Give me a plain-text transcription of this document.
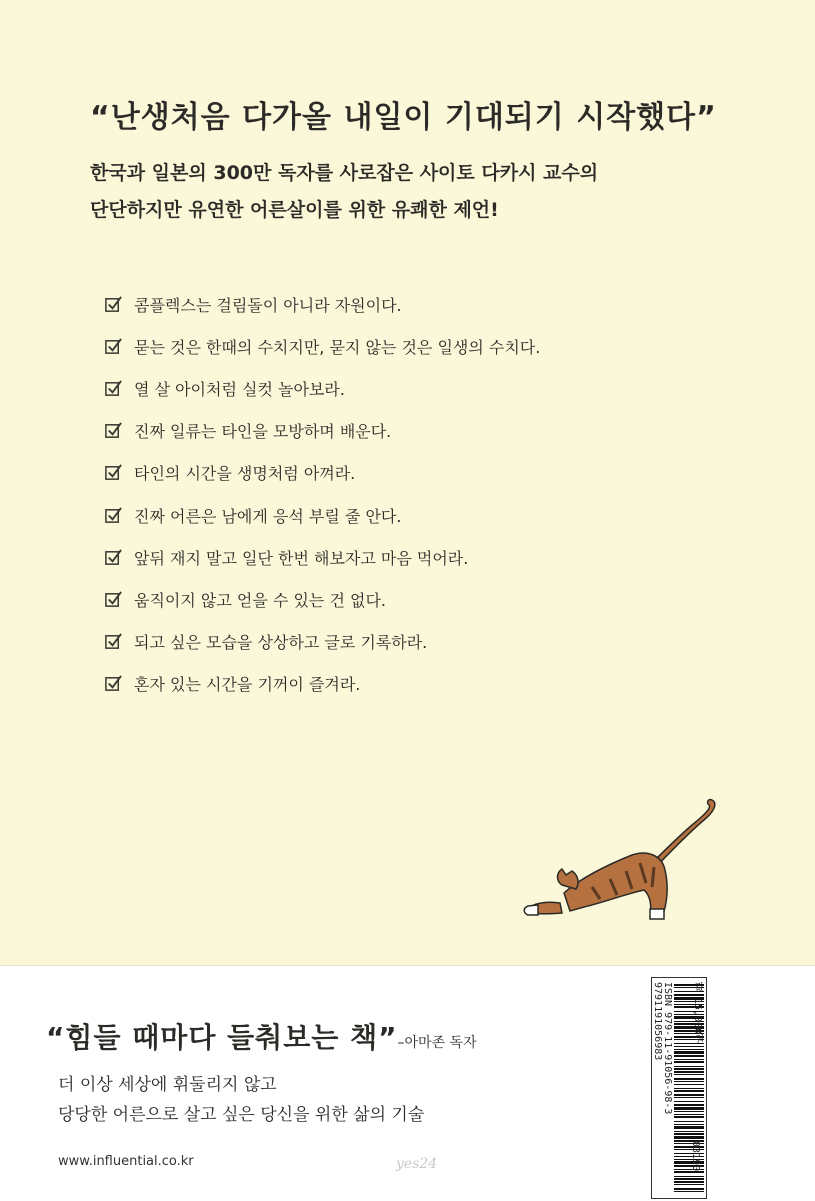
“난생처음 다가올 내일이 기대되기 시작했다”
한국과 일본의 300만 독자를 사로잡은 사이토 다카시 교수의
단단하지만 유연한 어른살이를 위한 유쾌한 제언!
콤플렉스는 걸림돌이 아니라 자원이다.
묻는 것은 한때의 수치지만, 묻지 않는 것은 일생의 수치다.
열 살 아이처럼 실컷 놀아보라.
진짜 일류는 타인을 모방하며 배운다.
타인의 시간을 생명처럼 아껴라.
진짜 어른은 남에게 응석 부릴 줄 안다.
앞뒤 재지 말고 일단 한번 해보자고 마음 먹어라.
움직이지 않고 얻을 수 있는 건 없다.
되고 싶은 모습을 상상하고 글로 기록하라.
혼자 있는 시간을 기꺼이 즐겨라.
“힘들 때마다 들춰보는 책”–아마존 독자
더 이상 세상에 휘둘리지 않고
당당한 어른으로 살고 싶은 당신을 위한 삶의 기술
www.influential.co.kr	yes24
9791191056983 ISBN 979-11-91056-98-3 값 15,000원
03190
